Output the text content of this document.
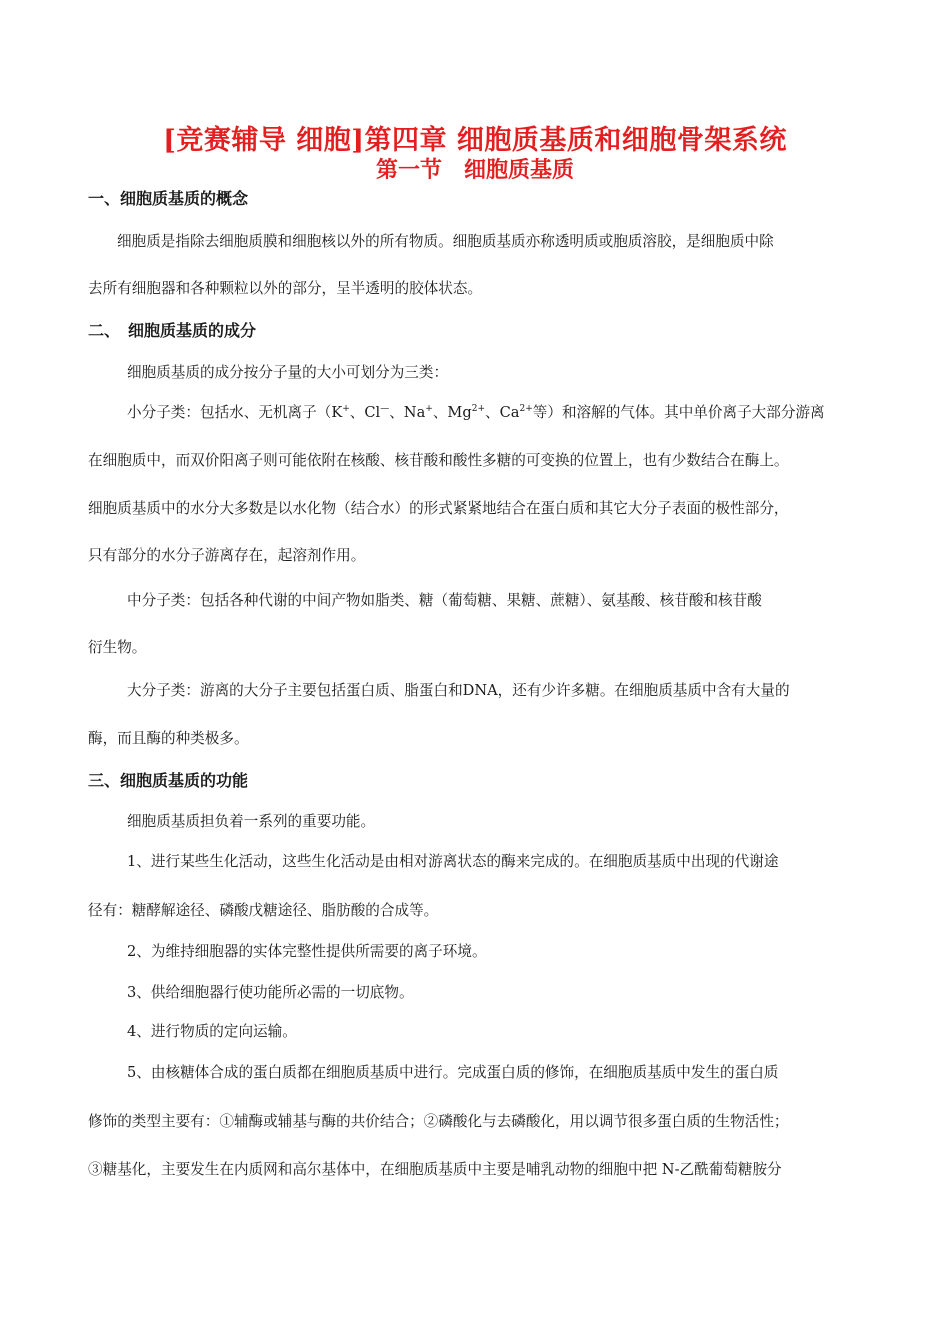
[竞赛辅导 细胞]第四章 细胞质基质和细胞骨架系统
第一节　细胞质基质
一、细胞质基质的概念
细胞质是指除去细胞质膜和细胞核以外的所有物质。细胞质基质亦称透明质或胞质溶胶，是细胞质中除
去所有细胞器和各种颗粒以外的部分，呈半透明的胶体状态。
二、　细胞质基质的成分
细胞质基质的成分按分子量的大小可划分为三类：
小分子类：包括水、无机离子（K+、Cl—、Na+、$Mg^{2+}$、$Ca^{2+}$等）和溶解的气体。其中单价离子大部分游离
在细胞质中，而双价阳离子则可能依附在核酸、核苷酸和酸性多糖的可变换的位置上，也有少数结合在酶上。
细胞质基质中的水分大多数是以水化物（结合水）的形式紧紧地结合在蛋白质和其它大分子表面的极性部分，
只有部分的水分子游离存在，起溶剂作用。
中分子类：包括各种代谢的中间产物如脂类、糖（葡萄糖、果糖、蔗糖）、氨基酸、核苷酸和核苷酸
衍生物。
大分子类：游离的大分子主要包括蛋白质、脂蛋白和DNA，还有少许多糖。在细胞质基质中含有大量的
酶，而且酶的种类极多。
三、细胞质基质的功能
细胞质基质担负着一系列的重要功能。
1、进行某些生化活动，这些生化活动是由相对游离状态的酶来完成的。在细胞质基质中出现的代谢途
径有：糖酵解途径、磷酸戊糖途径、脂肪酸的合成等。
2、为维持细胞器的实体完整性提供所需要的离子环境。
3、供给细胞器行使功能所必需的一切底物。
4、进行物质的定向运输。
5、由核糖体合成的蛋白质都在细胞质基质中进行。完成蛋白质的修饰，在细胞质基质中发生的蛋白质
修饰的类型主要有：①辅酶或辅基与酶的共价结合；②磷酸化与去磷酸化，用以调节很多蛋白质的生物活性；
③糖基化，主要发生在内质网和高尔基体中，在细胞质基质中主要是哺乳动物的细胞中把 N-乙酰葡萄糖胺分
